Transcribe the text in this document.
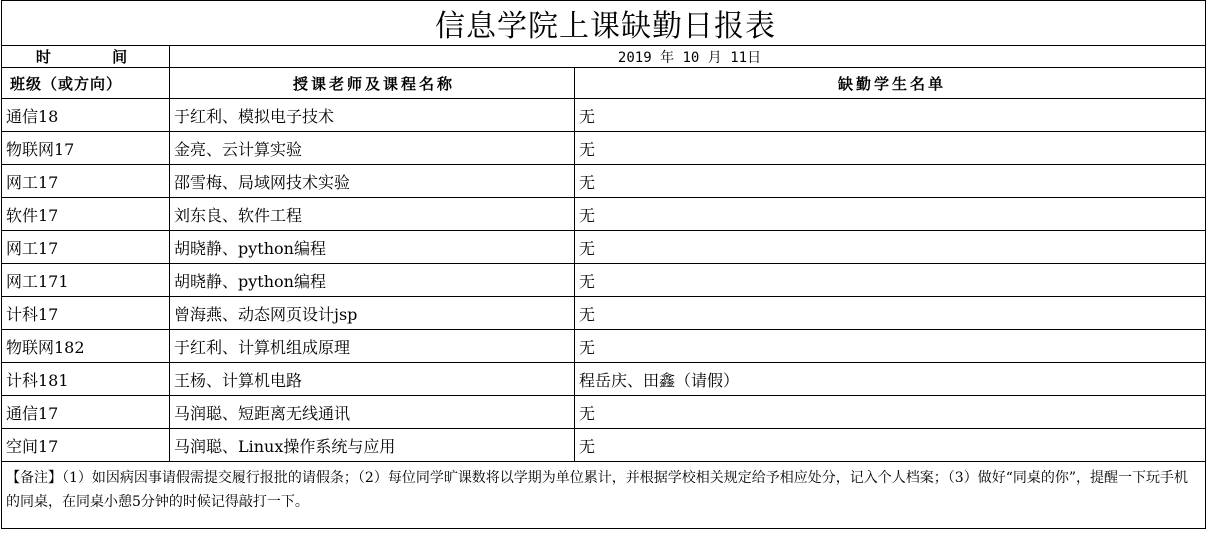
信息学院上课缺勤日报表		
时 间	2019 年 10 月 11日	
班级（或方向）	授课老师及课程名称	缺勤学生名单
通信18	于红利、模拟电子技术	无
物联网17	金亮、云计算实验	无
网工17	邵雪梅、局域网技术实验	无
软件17	刘东良、软件工程	无
网工17	胡晓静、python编程	无
网工171	胡晓静、python编程	无
计科17	曾海燕、动态网页设计jsp	无
物联网182	于红利、计算机组成原理	无
计科181	王杨、计算机电路	程岳庆、田鑫（请假）
通信17	马润聪、短距离无线通讯	无
空间17	马润聪、Linux操作系统与应用	无
【备注】（1）如因病因事请假需提交履行报批的请假条；（2）每位同学旷课数将以学期为单位累计，并根据学校相关规定给予相应处分，记入个人档案；（3）做好“同桌的你”，提醒一下玩手机的同桌，在同桌小憩5分钟的时候记得敲打一下。		
